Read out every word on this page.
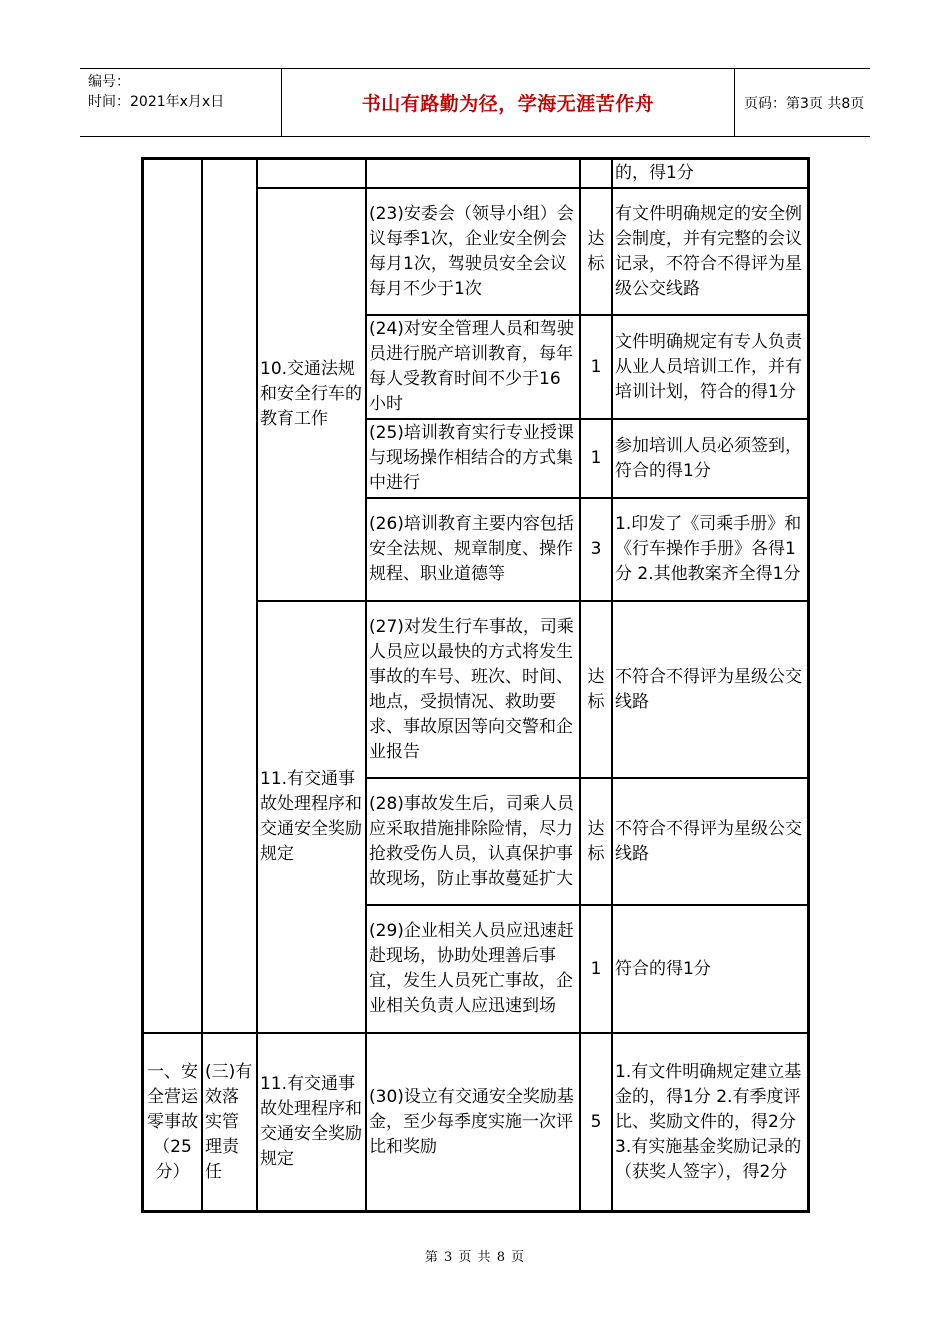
编号：
时间：2021年x月x日	书山有路勤为径，学海无涯苦作舟	页码：第3页 共8页
					的，得1分
		10.交通法规和安全行车的教育工作	(23)安委会（领导小组）会议每季1次，企业安全例会每月1次，驾驶员安全会议每月不少于1次	达标	有文件明确规定的安全例会制度，并有完整的会议记录，不符合不得评为星级公交线路
			(24)对安全管理人员和驾驶员进行脱产培训教育，每年每人受教育时间不少于16小时	1	文件明确规定有专人负责从业人员培训工作，并有培训计划，符合的得1分
			(25)培训教育实行专业授课与现场操作相结合的方式集中进行	1	参加培训人员必须签到，符合的得1分
			(26)培训教育主要内容包括安全法规、规章制度、操作规程、职业道德等	3	1.印发了《司乘手册》和《行车操作手册》各得1分 2.其他教案齐全得1分
		11.有交通事故处理程序和交通安全奖励规定	(27)对发生行车事故，司乘人员应以最快的方式将发生事故的车号、班次、时间、地点，受损情况、救助要求、事故原因等向交警和企业报告	达标	不符合不得评为星级公交线路
			(28)事故发生后，司乘人员应采取措施排除险情，尽力抢救受伤人员，认真保护事故现场，防止事故蔓延扩大	达标	不符合不得评为星级公交线路
			(29)企业相关人员应迅速赶赴现场，协助处理善后事宜，发生人员死亡事故，企业相关负责人应迅速到场	1	符合的得1分
一、安全营运零事故（25分）	(三)有效落实管理责任	11.有交通事故处理程序和交通安全奖励规定	(30)设立有交通安全奖励基金，至少每季度实施一次评比和奖励	5	1.有文件明确规定建立基金的，得1分 2.有季度评比、奖励文件的，得2分 3.有实施基金奖励记录的（获奖人签字），得2分
第 3 页 共 8 页
